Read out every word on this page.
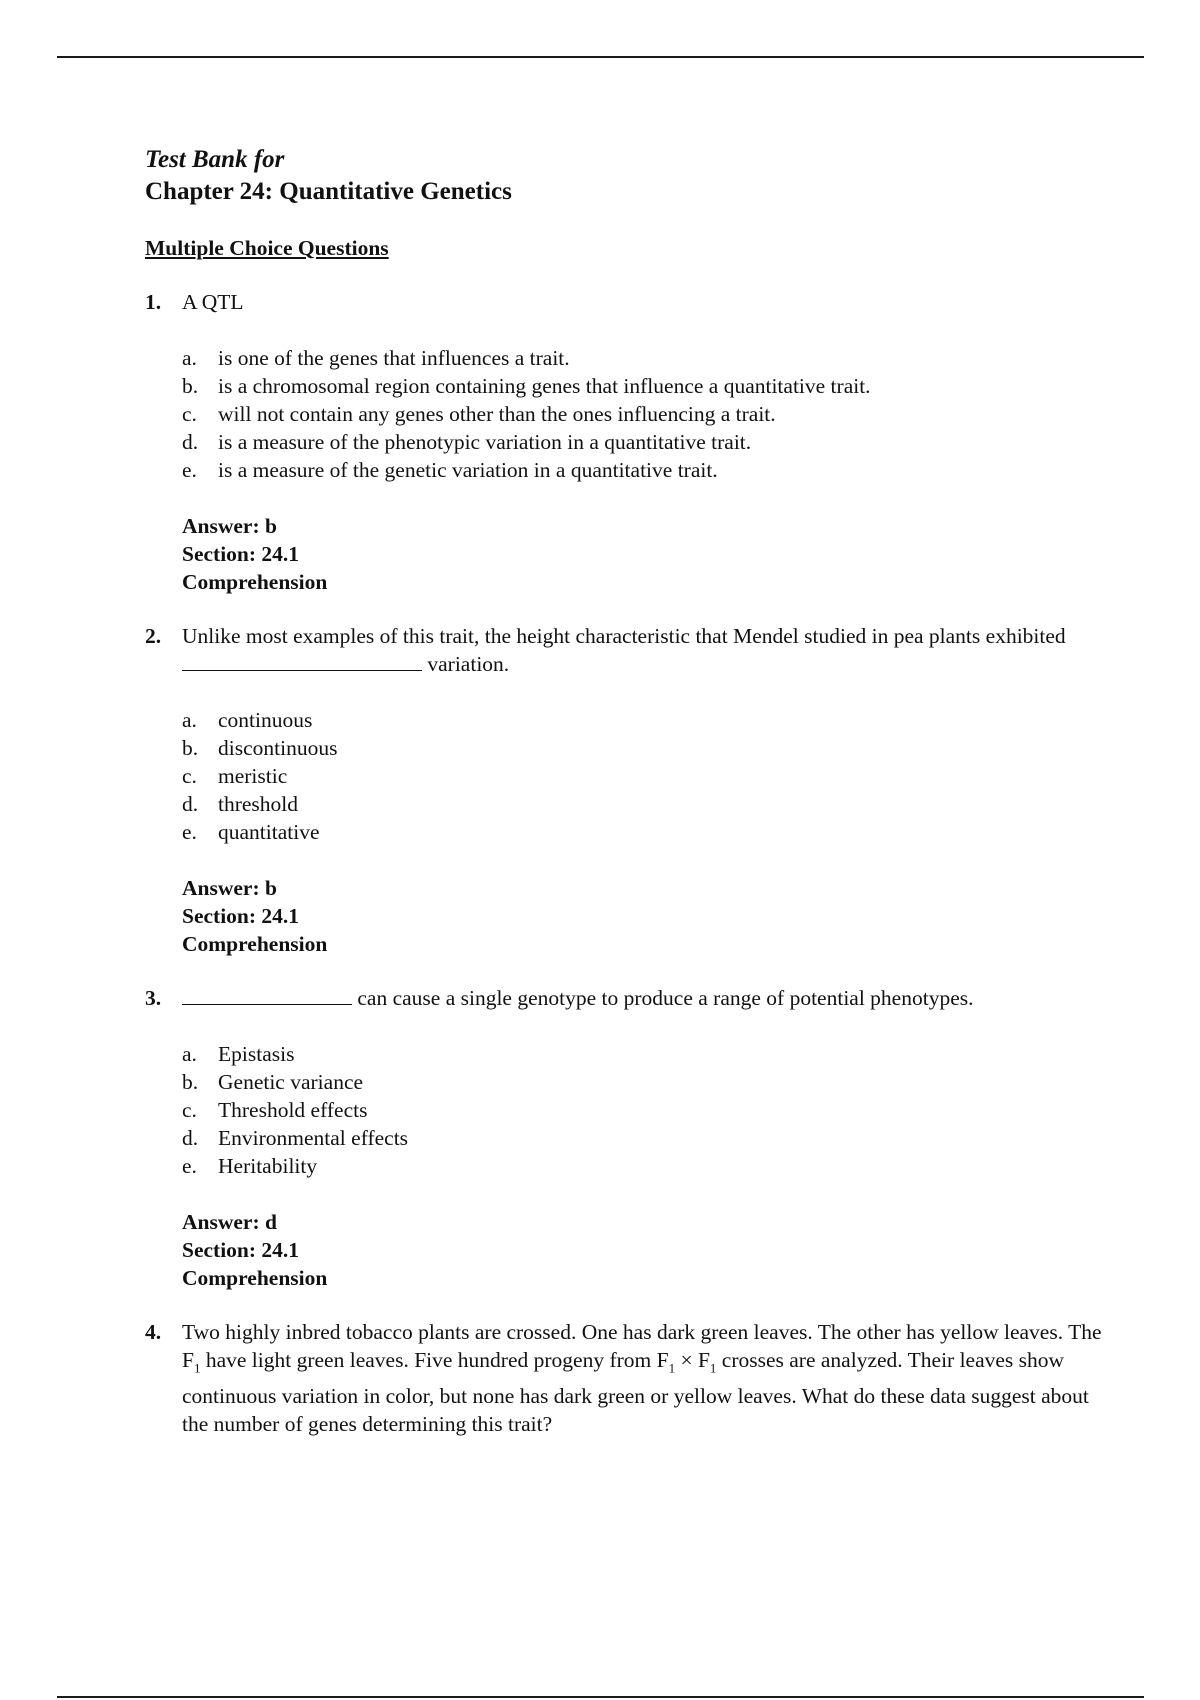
Test Bank for
Chapter 24: Quantitative Genetics
Multiple Choice Questions
1. A QTL
a. is one of the genes that influences a trait.
b. is a chromosomal region containing genes that influence a quantitative trait.
c. will not contain any genes other than the ones influencing a trait.
d. is a measure of the phenotypic variation in a quantitative trait.
e. is a measure of the genetic variation in a quantitative trait.
Answer: b
Section: 24.1
Comprehension
2. Unlike most examples of this trait, the height characteristic that Mendel studied in pea plants exhibited  variation.
a. continuous
b. discontinuous
c. meristic
d. threshold
e. quantitative
Answer: b
Section: 24.1
Comprehension
3.	can cause a single genotype to produce a range of potential phenotypes.
a. Epistasis
b. Genetic variance
c. Threshold effects
d. Environmental effects
e. Heritability
Answer: d
Section: 24.1
Comprehension
4. Two highly inbred tobacco plants are crossed. One has dark green leaves. The other has yellow leaves. The $F_1$ have light green leaves. Five hundred progeny from $F_1 \times F_1$ crosses are analyzed. Their leaves show continuous variation in color, but none has dark green or yellow leaves. What do these data suggest about the number of genes determining this trait?
